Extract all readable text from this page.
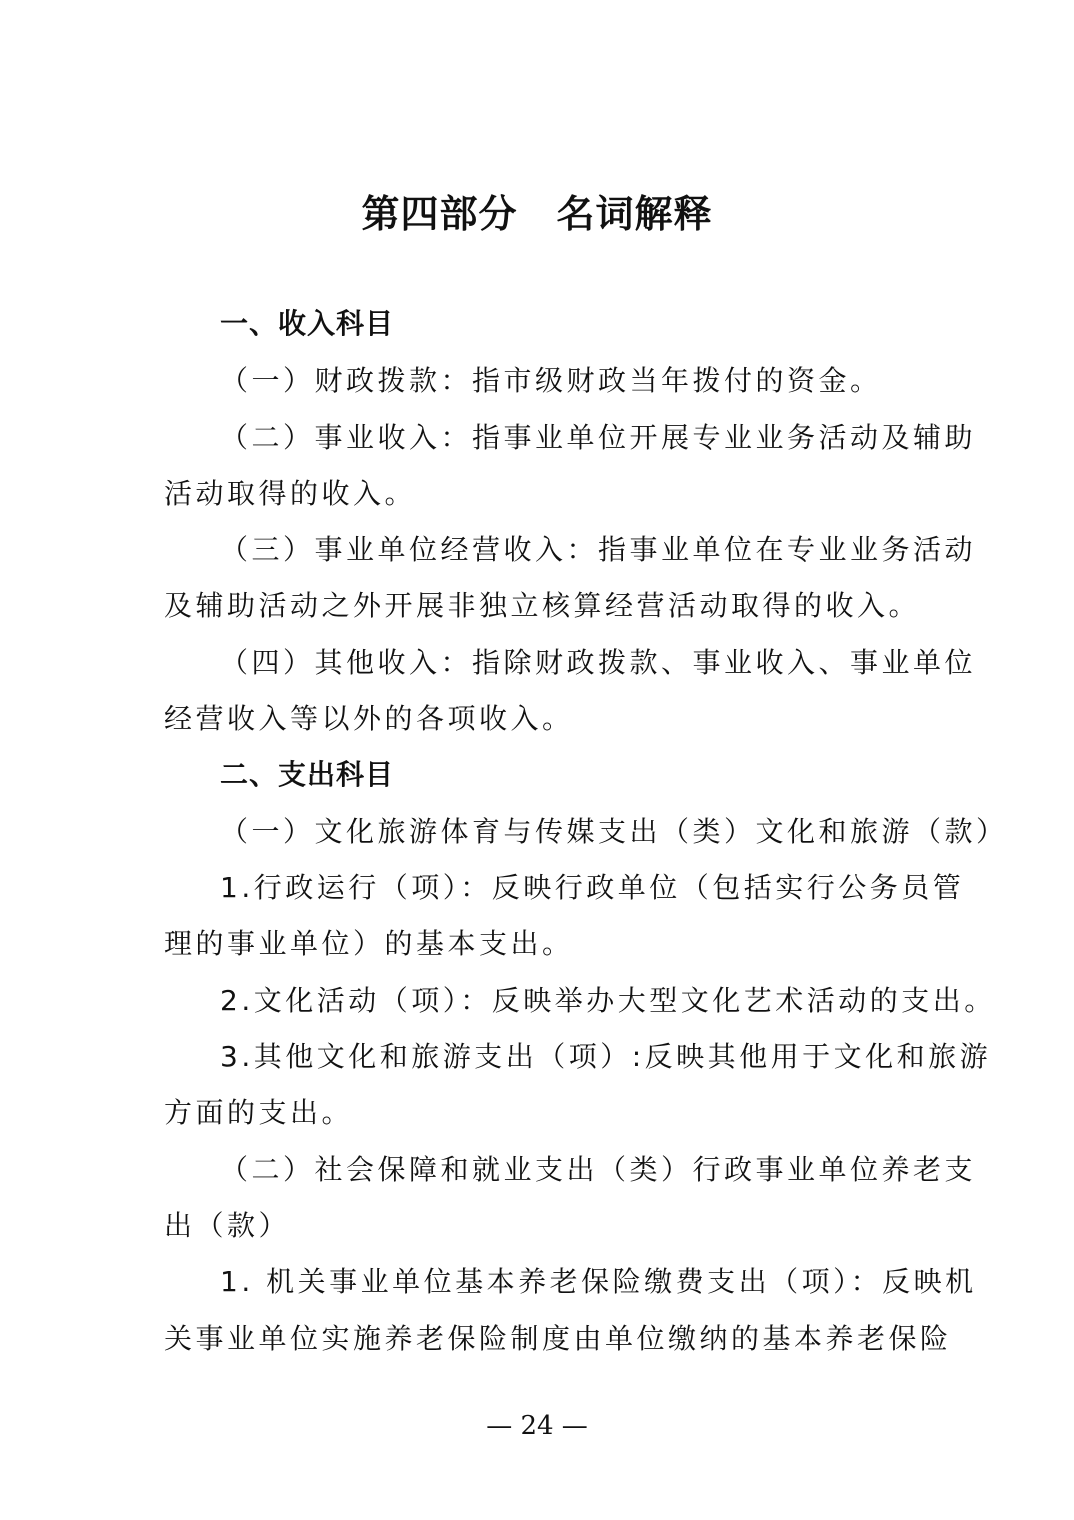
第四部分　名词解释
一、收入科目
（一）财政拨款：指市级财政当年拨付的资金。
（二）事业收入：指事业单位开展专业业务活动及辅助
活动取得的收入。
（三）事业单位经营收入：指事业单位在专业业务活动
及辅助活动之外开展非独立核算经营活动取得的收入。
（四）其他收入：指除财政拨款、事业收入、事业单位
经营收入等以外的各项收入。
二、支出科目
（一）文化旅游体育与传媒支出（类）文化和旅游（款）
1.行政运行（项）：反映行政单位（包括实行公务员管
理的事业单位）的基本支出。
2.文化活动（项）：反映举办大型文化艺术活动的支出。
3.其他文化和旅游支出（项）:反映其他用于文化和旅游
方面的支出。
（二）社会保障和就业支出（类）行政事业单位养老支
出（款）
1. 机关事业单位基本养老保险缴费支出（项）：反映机
关事业单位实施养老保险制度由单位缴纳的基本养老保险
— 24 —
